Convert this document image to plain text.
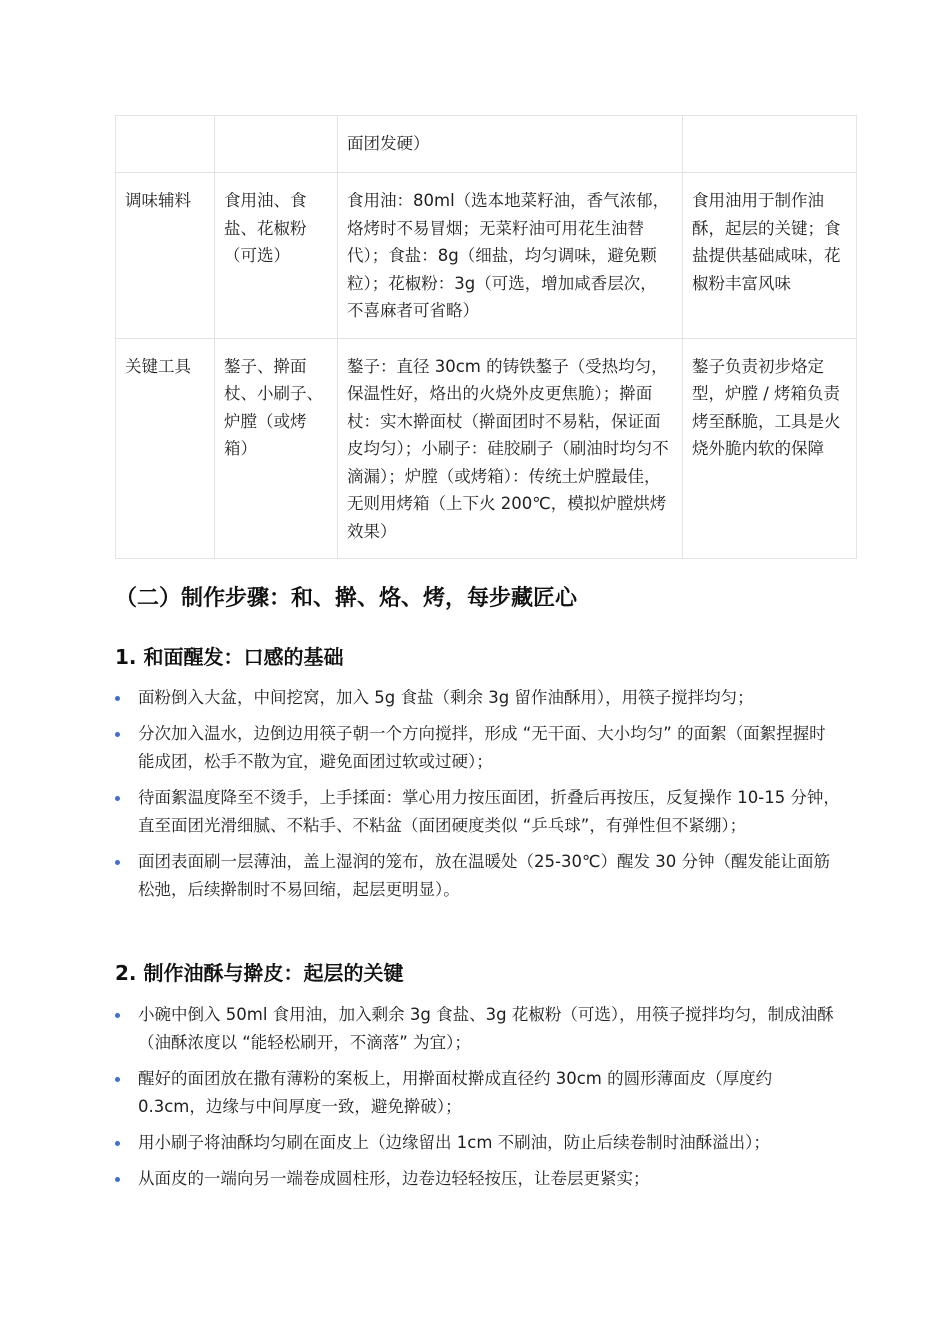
		面团发硬）	
调味辅料	食用油、食盐、花椒粉（可选）	食用油：80ml（选本地菜籽油，香气浓郁，烙烤时不易冒烟；无菜籽油可用花生油替代）；食盐：8g（细盐，均匀调味，避免颗粒）；花椒粉：3g（可选，增加咸香层次，不喜麻者可省略）	食用油用于制作油酥，起层的关键；食盐提供基础咸味，花椒粉丰富风味
关键工具	鏊子、擀面杖、小刷子、炉膛（或烤箱）	鏊子：直径 30cm 的铸铁鏊子（受热均匀，保温性好，烙出的火烧外皮更焦脆）；擀面杖：实木擀面杖（擀面团时不易粘，保证面皮均匀）；小刷子：硅胶刷子（刷油时均匀不滴漏）；炉膛（或烤箱）：传统土炉膛最佳，无则用烤箱（上下火 200℃，模拟炉膛烘烤效果）	鏊子负责初步烙定型，炉膛 / 烤箱负责烤至酥脆，工具是火烧外脆内软的保障
（二）制作步骤：和、擀、烙、烤，每步藏匠心
1. 和面醒发：口感的基础
面粉倒入大盆，中间挖窝，加入 5g 食盐（剩余 3g 留作油酥用），用筷子搅拌均匀；
分次加入温水，边倒边用筷子朝一个方向搅拌，形成 “无干面、大小均匀” 的面絮（面絮捏握时能成团，松手不散为宜，避免面团过软或过硬）；
待面絮温度降至不烫手，上手揉面：掌心用力按压面团，折叠后再按压，反复操作 10-15 分钟，直至面团光滑细腻、不粘手、不粘盆（面团硬度类似 “乒乓球”，有弹性但不紧绷）；
面团表面刷一层薄油，盖上湿润的笼布，放在温暖处（25-30℃）醒发 30 分钟（醒发能让面筋松弛，后续擀制时不易回缩，起层更明显）。
2. 制作油酥与擀皮：起层的关键
小碗中倒入 50ml 食用油，加入剩余 3g 食盐、3g 花椒粉（可选），用筷子搅拌均匀，制成油酥（油酥浓度以 “能轻松刷开，不滴落” 为宜）；
醒好的面团放在撒有薄粉的案板上，用擀面杖擀成直径约 30cm 的圆形薄面皮（厚度约 0.3cm，边缘与中间厚度一致，避免擀破）；
用小刷子将油酥均匀刷在面皮上（边缘留出 1cm 不刷油，防止后续卷制时油酥溢出）；
从面皮的一端向另一端卷成圆柱形，边卷边轻轻按压，让卷层更紧实；
